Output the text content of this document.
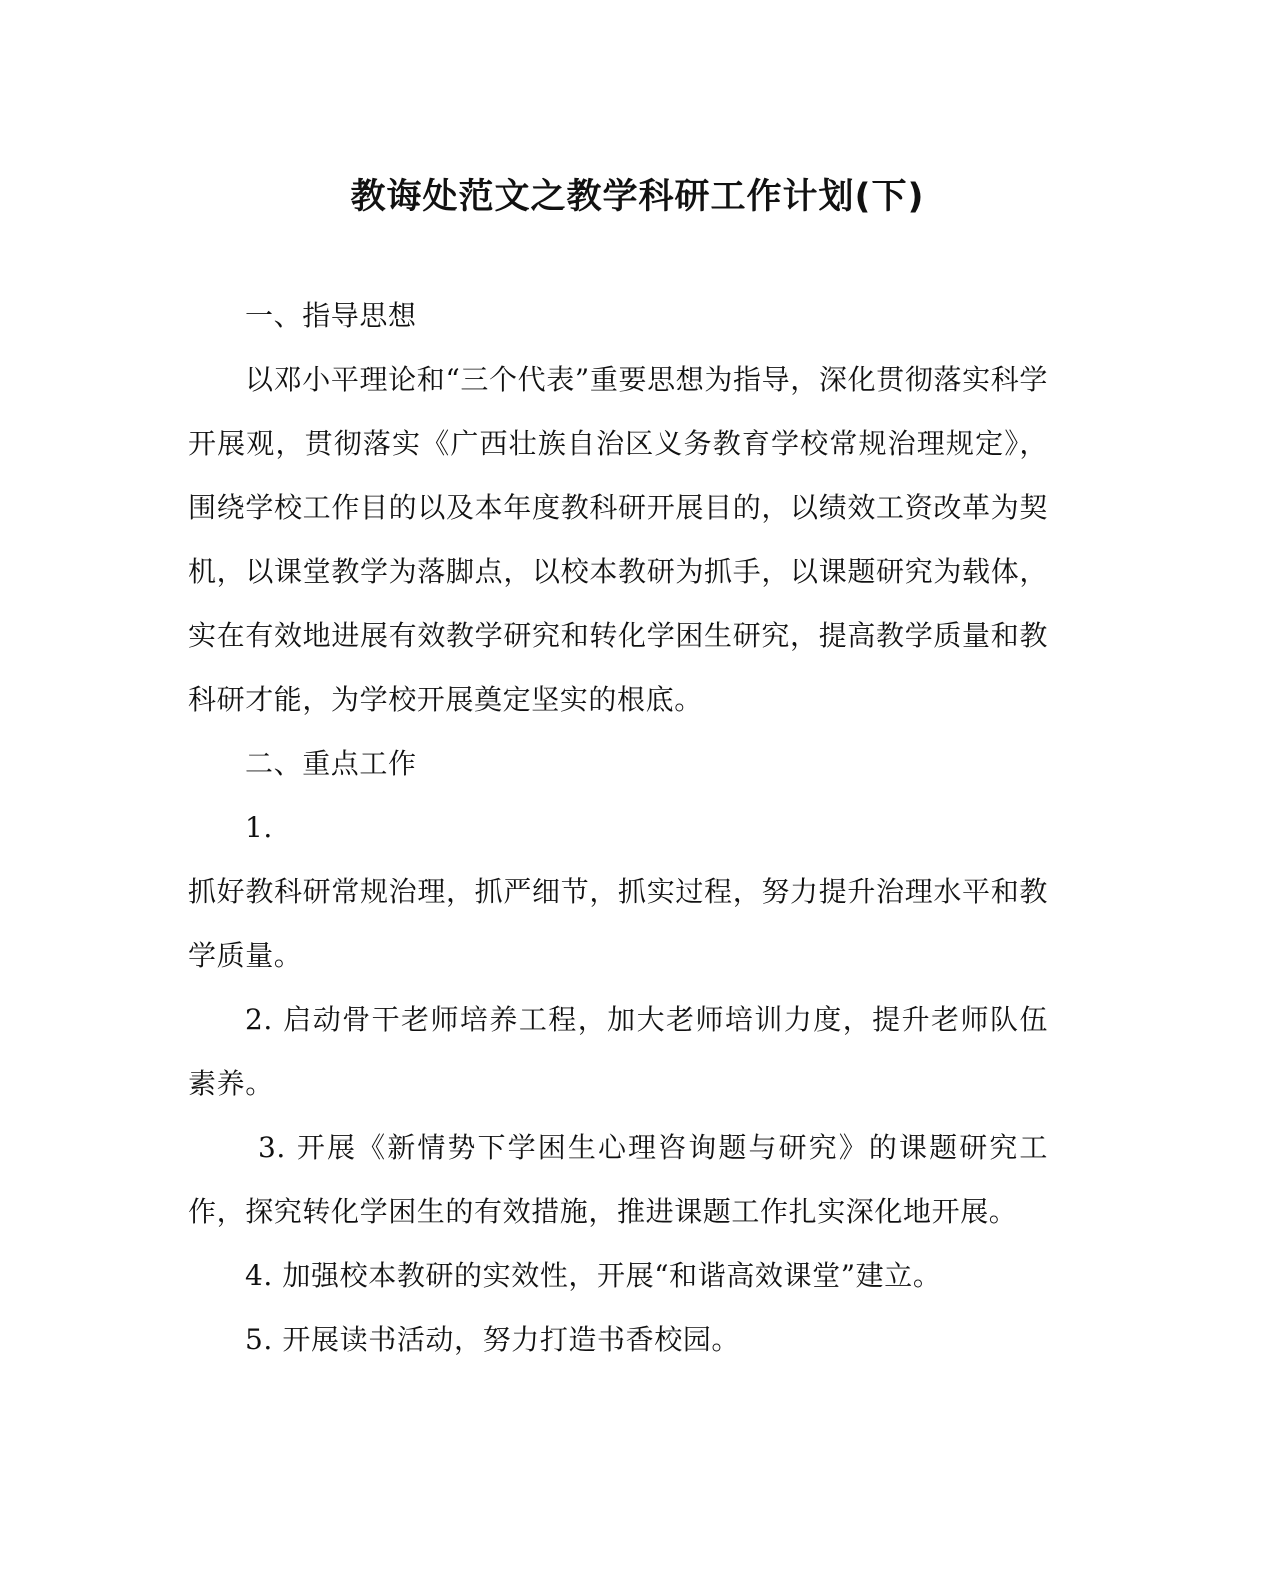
教诲处范文之教学科研工作计划(下)

一、指导思想

以邓小平理论和“三个代表”重要思想为指导，深化贯彻落实科学开展观，贯彻落实《广西壮族自治区义务教育学校常规治理规定》，围绕学校工作目的以及本年度教科研开展目的，以绩效工资改革为契机，以课堂教学为落脚点，以校本教研为抓手，以课题研究为载体，实在有效地进展有效教学研究和转化学困生研究，提高教学质量和教科研才能，为学校开展奠定坚实的根底。

二、重点工作

1.

抓好教科研常规治理，抓严细节，抓实过程，努力提升治理水平和教学质量。

2. 启动骨干老师培养工程，加大老师培训力度，提升老师队伍素养。

3. 开展《新情势下学困生心理咨询题与研究》的课题研究工作，探究转化学困生的有效措施，推进课题工作扎实深化地开展。

4. 加强校本教研的实效性，开展“和谐高效课堂”建立。

5. 开展读书活动，努力打造书香校园。
